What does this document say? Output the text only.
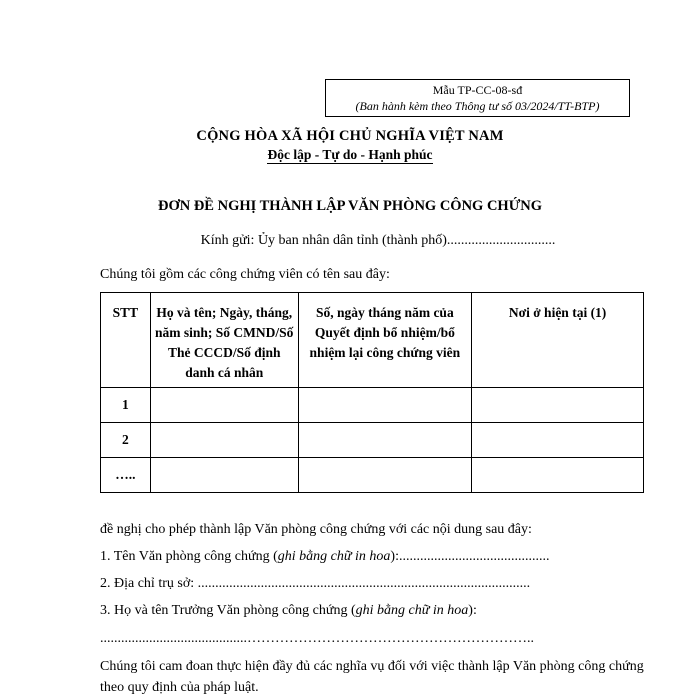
Mẫu TP-CC-08-sđ
(Ban hành kèm theo Thông tư số 03/2024/TT-BTP)
CỘNG HÒA XÃ HỘI CHỦ NGHĨA VIỆT NAM
Độc lập - Tự do - Hạnh phúc
ĐƠN ĐỀ NGHỊ THÀNH LẬP VĂN PHÒNG CÔNG CHỨNG
Kính gửi: Ủy ban nhân dân tỉnh (thành phố)...............................
Chúng tôi gồm các công chứng viên có tên sau đây:
STT	Họ và tên; Ngày, tháng, năm sinh; Số CMND/Số Thẻ CCCD/Số định danh cá nhân	Số, ngày tháng năm của Quyết định bổ nhiệm/bổ nhiệm lại công chứng viên	Nơi ở hiện tại (1)
1			
2			
…..			
đề nghị cho phép thành lập Văn phòng công chứng với các nội dung sau đây:
1. Tên Văn phòng công chứng (ghi bằng chữ in hoa):...........................................
2. Địa chỉ trụ sở: ...............................................................................................
3. Họ và tên Trưởng Văn phòng công chứng (ghi bằng chữ in hoa):
..........................................……………………………………………………..
Chúng tôi cam đoan thực hiện đầy đủ các nghĩa vụ đối với việc thành lập Văn phòng công chứng theo quy định của pháp luật.
